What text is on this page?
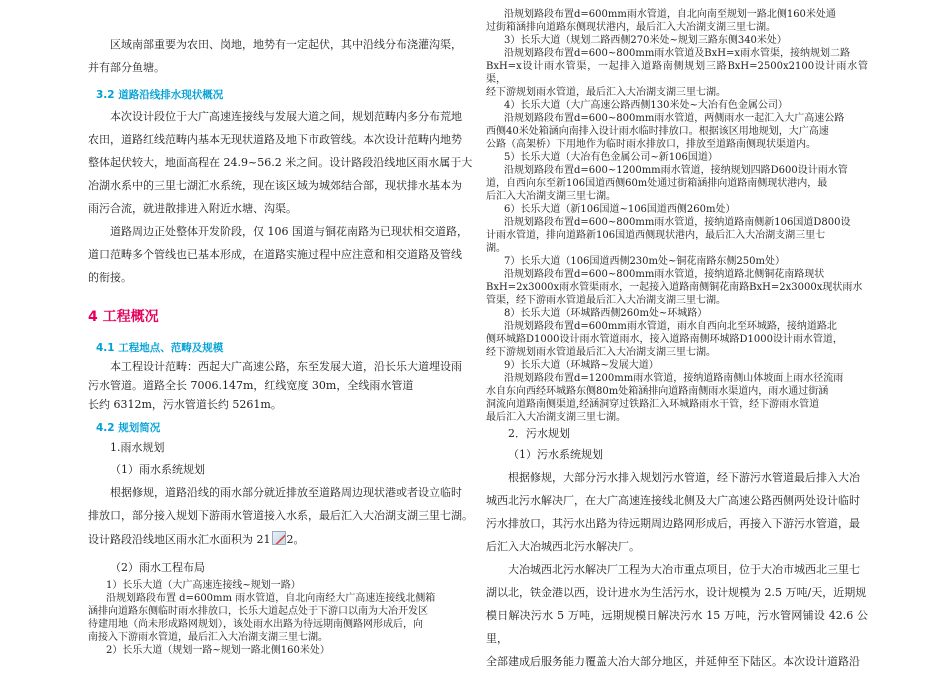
区域南部重要为农田、岗地，地势有一定起伏，其中沿线分布浇灌沟渠，

并有部分鱼塘。

3.2 道路沿线排水现状概况

本次设计段位于大广高速连接线与发展大道之间，规划范畴内多分布荒地

农田，道路红线范畴内基本无现状道路及地下市政管线。本次设计范畴内地势

整体起伏较大，地面高程在 24.9~56.2 米之间。设计路段沿线地区雨水属于大

冶湖水系中的三里七湖汇水系统，现在该区域为城郊结合部，现状排水基本为

雨污合流，就进散排进入附近水塘、沟渠。

道路周边正处整体开发阶段，仅 106 国道与铜花南路为已现状相交道路，

道口范畴多个管线也已基本形成，在道路实施过程中应注意和相交道路及管线

的衔接。

4 工程概况

4.1 工程地点、范畴及规模

本工程设计范畴：西起大广高速公路，东至发展大道，沿长乐大道埋设雨

污水管道。道路全长 7006.147m，红线宽度 30m，全线雨水管道

长约 6312m，污水管道长约 5261m。

4.2 规划简况

1.雨水规划

（1）雨水系统规划

根据修规，道路沿线的雨水部分就近排放至道路周边现状港或者设立临时

排放口，部分接入规划下游雨水管道接入水系，最后汇入大冶湖支湖三里七湖。

设计路段沿线地区雨水汇水面积为 21 2。

（2）雨水工程布局

1）长乐大道（大广高速连接线~规划一路）

沿规划路段布置 d=600mm 雨水管道，自北向南经大广高速连接线北侧箱

涵排向道路东侧临时雨水排放口，长乐大道起点处于下游口以南为大冶开发区

待建用地（尚未形成路网规划），该处雨水出路为待远期南侧路网形成后，向

南接入下游雨水管道，最后汇入大冶湖支湖三里七湖。

2）长乐大道（规划一路~规划一路北侧160米处）

沿规划路段布置d=600mm雨水管道，自北向南至规划一路北侧160米处通

过街箱涵排向道路东侧现状港内，最后汇入大冶湖支湖三里七湖。

3）长乐大道（规划二路西侧270米处~规划三路东侧340米处）

沿规划路段布置d=600~800mm雨水管道及BxH=x雨水管渠，接纳规划二路

BxH=x设计雨水管渠，一起排入道路南侧规划三路BxH=2500x2100设计雨水管渠，

经下游规划雨水管道，最后汇入大冶湖支湖三里七湖。

4）长乐大道（大广高速公路西侧130米处~大冶有色金属公司）

沿规划路段布置d=600~800mm雨水管道，两侧雨水一起汇入大广高速公路

西侧40米处箱涵向南排入设计雨水临时排放口。根据该区用地规划，大广高速

公路（高架桥）下用地作为临时雨水排放口，排放至道路南侧现状渠道内。

5）长乐大道（大冶有色金属公司~新106国道）

沿规划路段布置d=600~1200mm雨水管道，接纳规划四路D600设计雨水管

道，自西向东至新106国道西侧60m处通过街箱涵排向道路南侧现状港内，最

后汇入大冶湖支湖三里七湖。

6）长乐大道（新106国道~106国道西侧260m处）

沿规划路段布置d=600~800mm雨水管道，接纳道路南侧新106国道D800设

计雨水管道，排向道路新106国道西侧现状港内，最后汇入大冶湖支湖三里七

湖。

7）长乐大道（106国道西侧230m处~铜花南路东侧250m处）

沿规划路段布置d=600~800mm雨水管道，接纳道路北侧铜花南路现状

BxH=2x3000x雨水管渠雨水，一起接入道路南侧铜花南路BxH=2x3000x现状雨水

管渠，经下游雨水管道最后汇入大冶湖支湖三里七湖。

8）长乐大道（环城路西侧260m处~环城路）

沿规划路段布置d=600mm雨水管道，雨水自西向北至环城路，接纳道路北

侧环城路D1000设计雨水管道雨水，接入道路南侧环城路D1000设计雨水管道，

经下游规划雨水管道最后汇入大冶湖支湖三里七湖。

9）长乐大道（环城路~发展大道）

沿规划路段布置d=1200mm雨水管道，接纳道路南侧山体坡面上雨水径流雨

水自东向西经环城路东侧80m处箱涵排向道路南侧雨水渠道内，雨水通过街涵

洞流向道路南侧渠道,经涵洞穿过铁路汇入环城路雨水干管，经下游雨水管道

最后汇入大冶湖支湖三里七湖。

2．污水规划

（1）污水系统规划

根据修规，大部分污水排入规划污水管道，经下游污水管道最后排入大冶

城西北污水解决厂，在大广高速连接线北侧及大广高速公路西侧两处设计临时

污水排放口，其污水出路为待远期周边路网形成后，再接入下游污水管道，最

后汇入大冶城西北污水解决厂。

大冶城西北污水解决厂工程为大冶市重点项目，位于大冶市城西北三里七

湖以北，铁金港以西，设计进水为生活污水，设计规模为 2.5 万吨/天，近期规

模日解决污水 5 万吨，远期规模日解决污水 15 万吨，污水管网铺设 42.6 公里，

全部建成后服务能力覆盖大冶大部分地区，并延伸至下陆区。本次设计道路沿
